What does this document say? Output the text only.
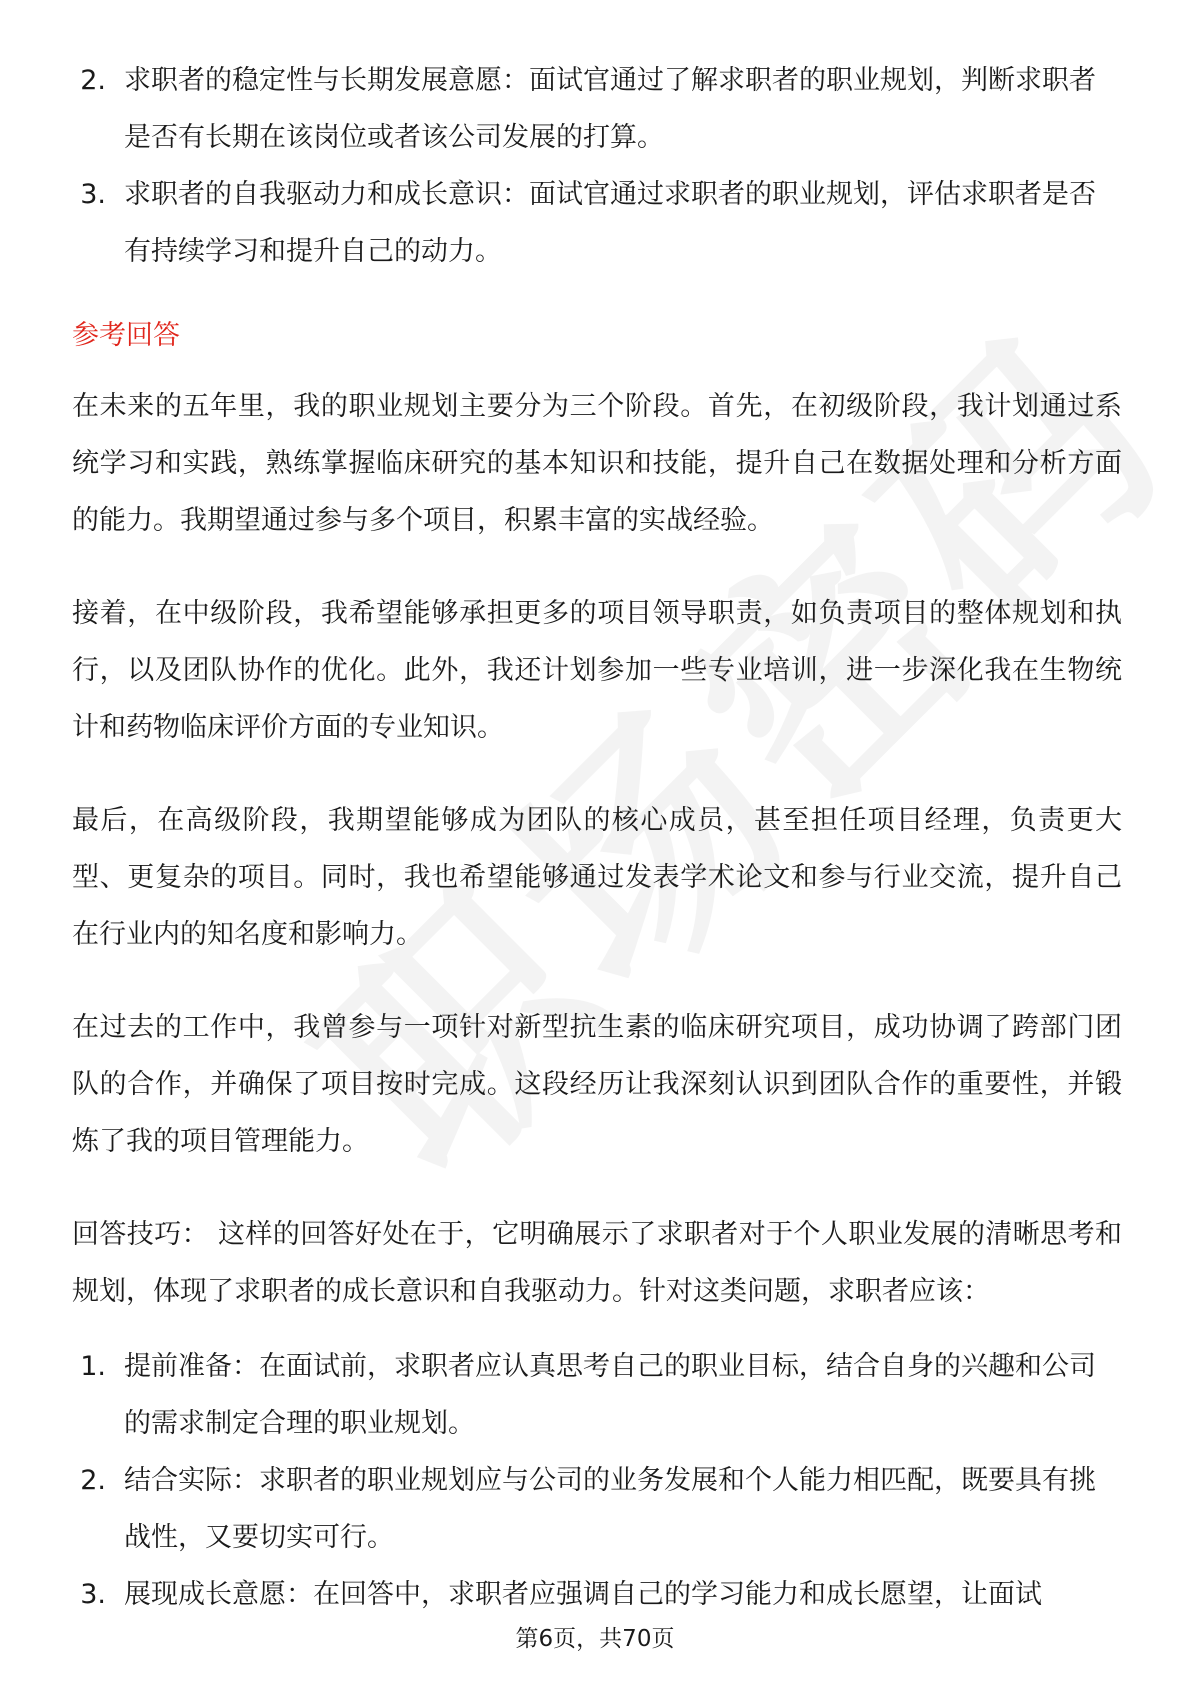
2. 求职者的稳定性与长期发展意愿：面试官通过了解求职者的职业规划，判断求职者是否有长期在该岗位或者该公司发展的打算。
3. 求职者的自我驱动力和成长意识：面试官通过求职者的职业规划，评估求职者是否有持续学习和提升自己的动力。
参考回答

在未来的五年里，我的职业规划主要分为三个阶段。首先，在初级阶段，我计划通过系统学习和实践，熟练掌握临床研究的基本知识和技能，提升自己在数据处理和分析方面的能力。我期望通过参与多个项目，积累丰富的实战经验。

接着，在中级阶段，我希望能够承担更多的项目领导职责，如负责项目的整体规划和执行，以及团队协作的优化。此外，我还计划参加一些专业培训，进一步深化我在生物统计和药物临床评价方面的专业知识。

最后，在高级阶段，我期望能够成为团队的核心成员，甚至担任项目经理，负责更大型、更复杂的项目。同时，我也希望能够通过发表学术论文和参与行业交流，提升自己在行业内的知名度和影响力。

在过去的工作中，我曾参与一项针对新型抗生素的临床研究项目，成功协调了跨部门团队的合作，并确保了项目按时完成。这段经历让我深刻认识到团队合作的重要性，并锻炼了我的项目管理能力。

回答技巧： 这样的回答好处在于，它明确展示了求职者对于个人职业发展的清晰思考和规划，体现了求职者的成长意识和自我驱动力。针对这类问题，求职者应该：

1. 提前准备：在面试前，求职者应认真思考自己的职业目标，结合自身的兴趣和公司的需求制定合理的职业规划。
2. 结合实际：求职者的职业规划应与公司的业务发展和个人能力相匹配，既要具有挑战性，又要切实可行。
3. 展现成长意愿：在回答中，求职者应强调自己的学习能力和成长愿望，让面试
第6页，共70页
